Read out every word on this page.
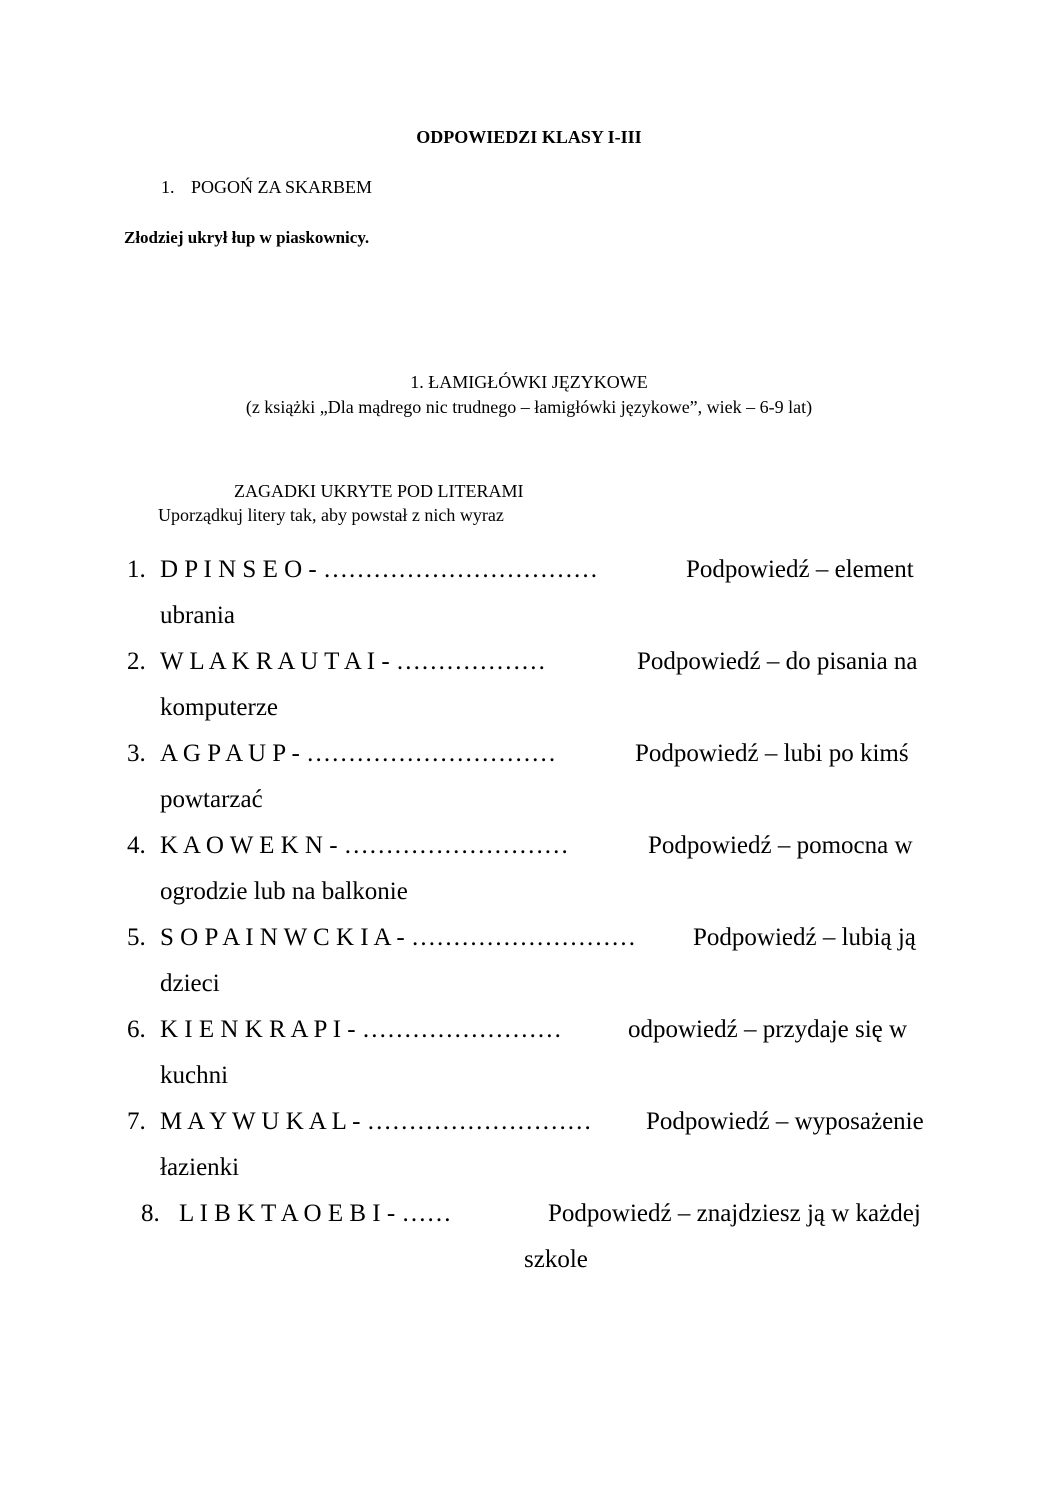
ODPOWIEDZI KLASY I-III
1. POGOŃ ZA SKARBEM
Złodziej ukrył łup w piaskownicy.
1. ŁAMIGŁÓWKI JĘZYKOWE
(z książki „Dla mądrego nic trudnego – łamigłówki językowe”, wiek – 6-9 lat)
ZAGADKI UKRYTE POD LITERAMI
Uporządkuj litery tak, aby powstał z nich wyraz
1. D P I N S E O - ……………………………	Podpowiedź – element
ubrania
2. W L A K R A U T A I - ………………	Podpowiedź – do pisania na
komputerze
3. A G P A U P - …………………………	Podpowiedź – lubi po kimś
powtarzać
4. K A O W E K N - ………………………	Podpowiedź – pomocna w
ogrodzie lub na balkonie
5. S O P A I N W C K I A - ……………………… Podpowiedź – lubią ją
dzieci
6. K I E N K R A P I - ……………………	odpowiedź – przydaje się w
kuchni
7. M A Y W U K A L - ……………………… Podpowiedź – wyposażenie
łazienki
8. L I B K T A O E B I - ……	Podpowiedź – znajdziesz ją w każdej
szkole
